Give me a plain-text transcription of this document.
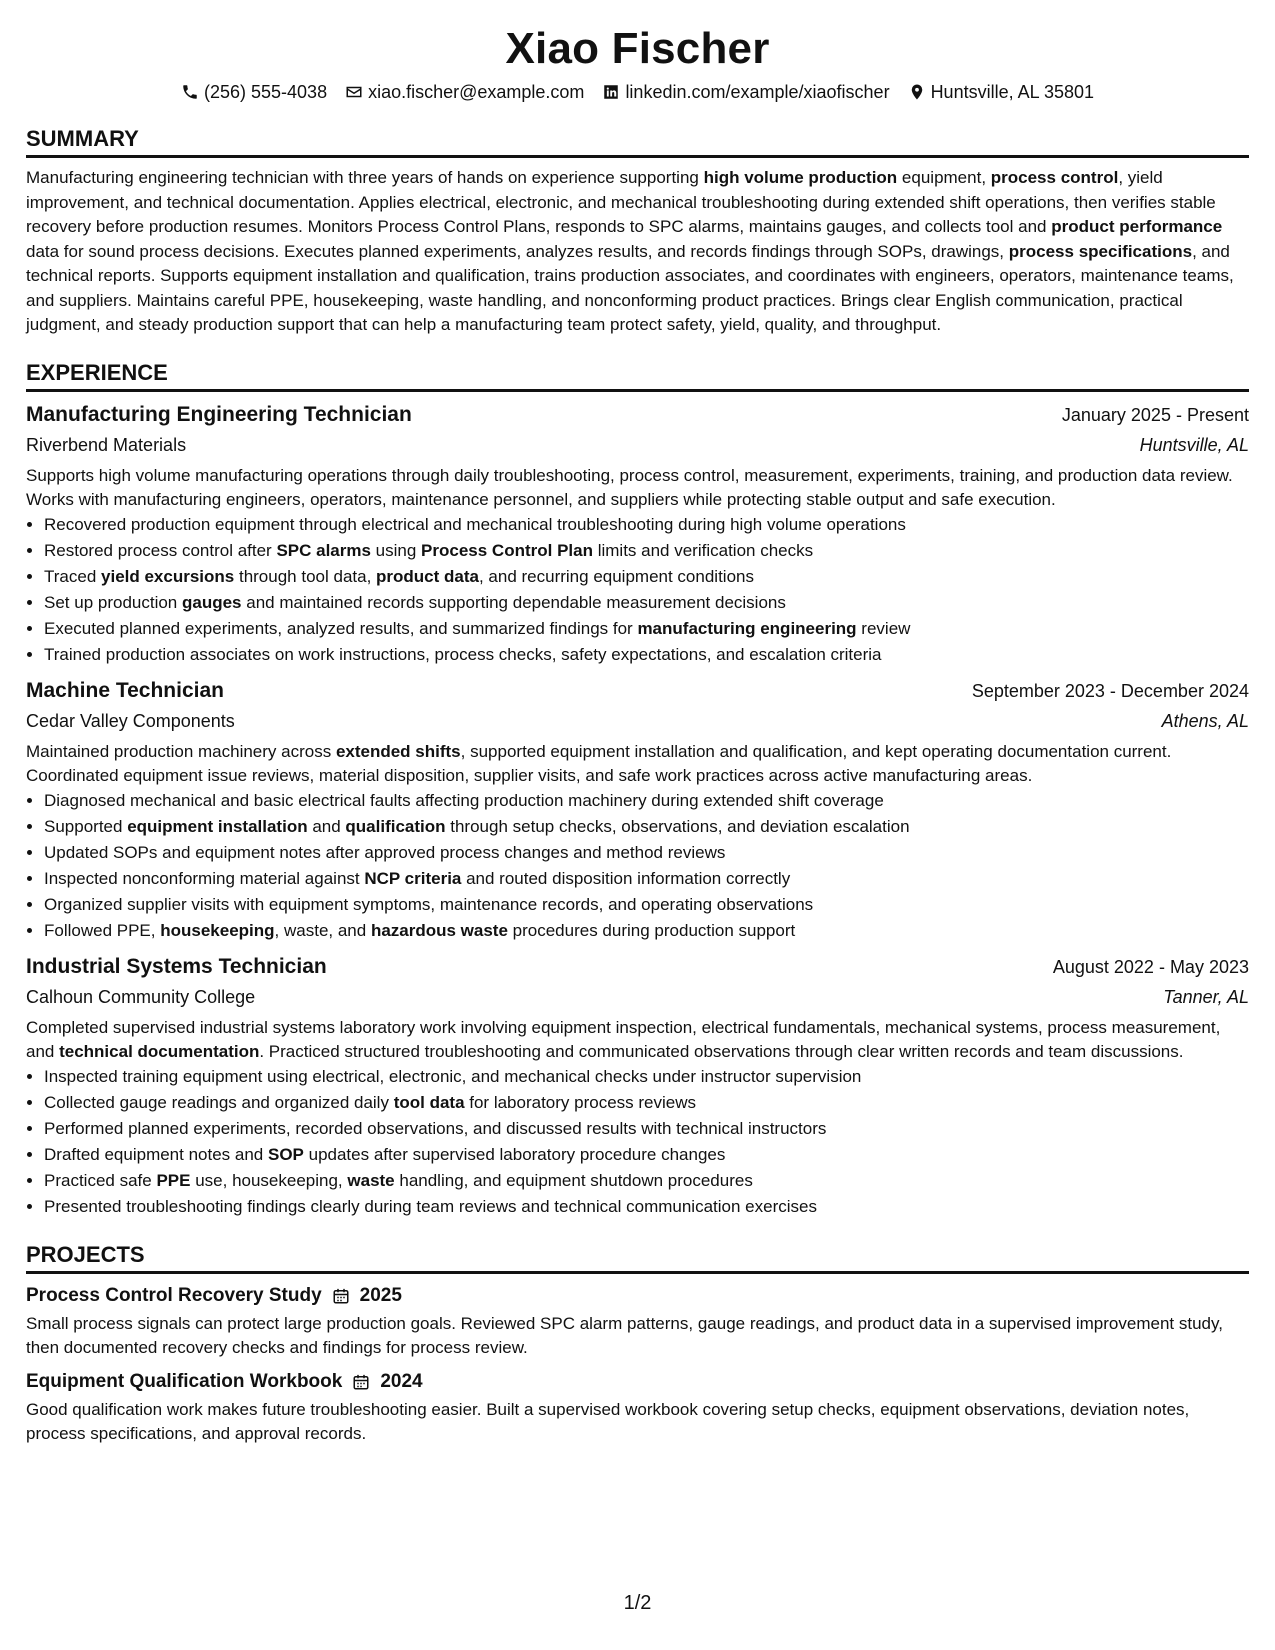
Xiao Fischer
(256) 555-4038 xiao.fischer@example.com linkedin.com/example/xiaofischer Huntsville, AL 35801
SUMMARY
Manufacturing engineering technician with three years of hands on experience supporting high volume production equipment, process control, yield improvement, and technical documentation. Applies electrical, electronic, and mechanical troubleshooting during extended shift operations, then verifies stable recovery before production resumes. Monitors Process Control Plans, responds to SPC alarms, maintains gauges, and collects tool and product performance data for sound process decisions. Executes planned experiments, analyzes results, and records findings through SOPs, drawings, process specifications, and technical reports. Supports equipment installation and qualification, trains production associates, and coordinates with engineers, operators, maintenance teams, and suppliers. Maintains careful PPE, housekeeping, waste handling, and nonconforming product practices. Brings clear English communication, practical judgment, and steady production support that can help a manufacturing team protect safety, yield, quality, and throughput.
EXPERIENCE
Manufacturing Engineering Technician	January 2025 - Present
Riverbend Materials	Huntsville, AL
Supports high volume manufacturing operations through daily troubleshooting, process control, measurement, experiments, training, and production data review. Works with manufacturing engineers, operators, maintenance personnel, and suppliers while protecting stable output and safe execution.
• Recovered production equipment through electrical and mechanical troubleshooting during high volume operations
• Restored process control after SPC alarms using Process Control Plan limits and verification checks
• Traced yield excursions through tool data, product data, and recurring equipment conditions
• Set up production gauges and maintained records supporting dependable measurement decisions
• Executed planned experiments, analyzed results, and summarized findings for manufacturing engineering review
• Trained production associates on work instructions, process checks, safety expectations, and escalation criteria
Machine Technician	September 2023 - December 2024
Cedar Valley Components	Athens, AL
Maintained production machinery across extended shifts, supported equipment installation and qualification, and kept operating documentation current. Coordinated equipment issue reviews, material disposition, supplier visits, and safe work practices across active manufacturing areas.
• Diagnosed mechanical and basic electrical faults affecting production machinery during extended shift coverage
• Supported equipment installation and qualification through setup checks, observations, and deviation escalation
• Updated SOPs and equipment notes after approved process changes and method reviews
• Inspected nonconforming material against NCP criteria and routed disposition information correctly
• Organized supplier visits with equipment symptoms, maintenance records, and operating observations
• Followed PPE, housekeeping, waste, and hazardous waste procedures during production support
Industrial Systems Technician	August 2022 - May 2023
Calhoun Community College	Tanner, AL
Completed supervised industrial systems laboratory work involving equipment inspection, electrical fundamentals, mechanical systems, process measurement, and technical documentation. Practiced structured troubleshooting and communicated observations through clear written records and team discussions.
• Inspected training equipment using electrical, electronic, and mechanical checks under instructor supervision
• Collected gauge readings and organized daily tool data for laboratory process reviews
• Performed planned experiments, recorded observations, and discussed results with technical instructors
• Drafted equipment notes and SOP updates after supervised laboratory procedure changes
• Practiced safe PPE use, housekeeping, waste handling, and equipment shutdown procedures
• Presented troubleshooting findings clearly during team reviews and technical communication exercises
PROJECTS
Process Control Recovery Study 2025
Small process signals can protect large production goals. Reviewed SPC alarm patterns, gauge readings, and product data in a supervised improvement study, then documented recovery checks and findings for process review.
Equipment Qualification Workbook 2024
Good qualification work makes future troubleshooting easier. Built a supervised workbook covering setup checks, equipment observations, deviation notes, process specifications, and approval records.
1/2
